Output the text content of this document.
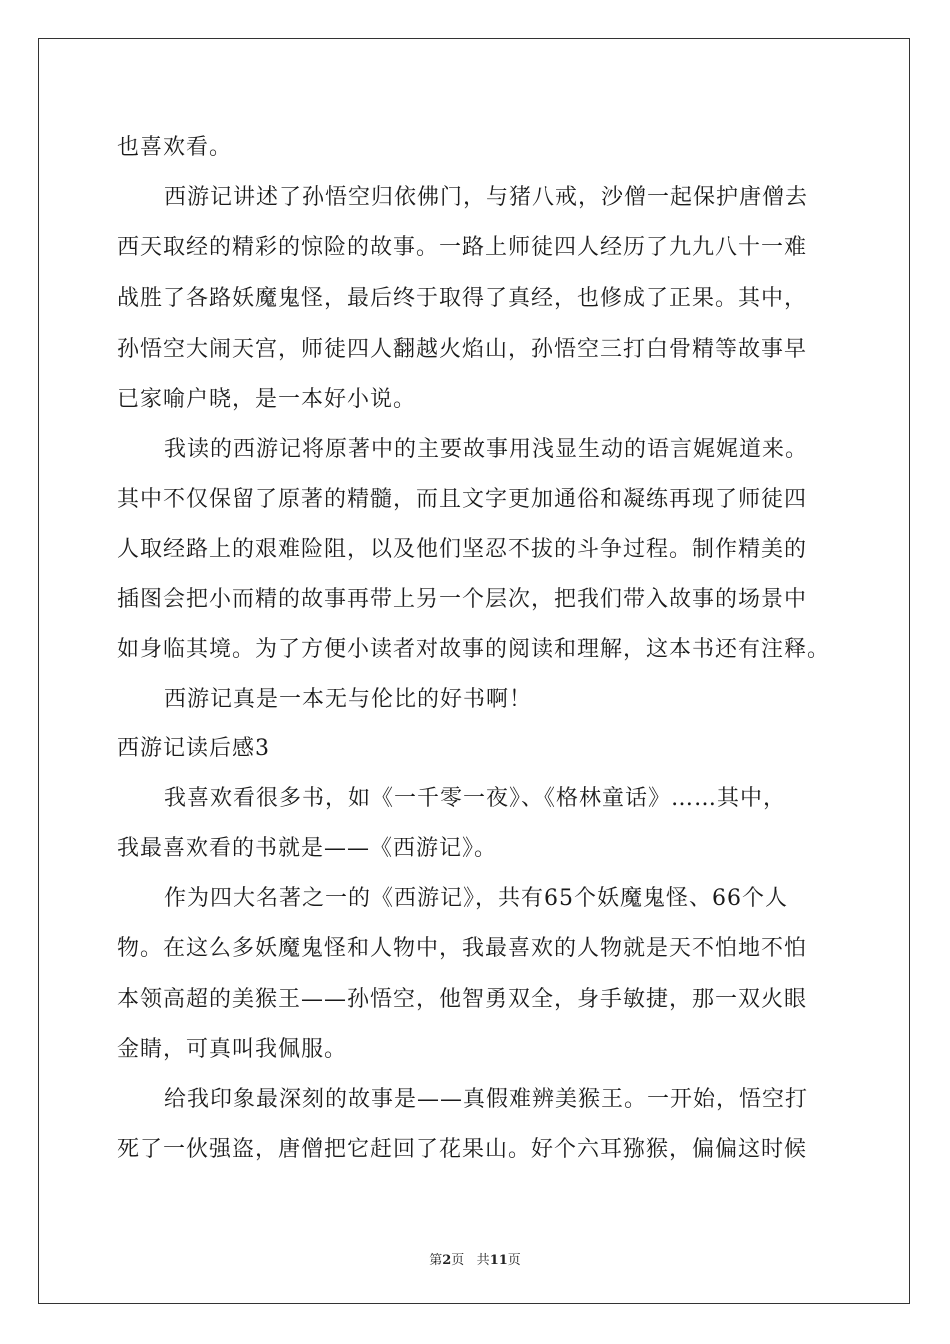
也喜欢看。
西游记讲述了孙悟空归依佛门，与猪八戒，沙僧一起保护唐僧去
西天取经的精彩的惊险的故事。一路上师徒四人经历了九九八十一难
战胜了各路妖魔鬼怪，最后终于取得了真经，也修成了正果。其中，
孙悟空大闹天宫，师徒四人翻越火焰山，孙悟空三打白骨精等故事早
已家喻户晓，是一本好小说。
我读的西游记将原著中的主要故事用浅显生动的语言娓娓道来。
其中不仅保留了原著的精髓，而且文字更加通俗和凝练再现了师徒四
人取经路上的艰难险阻，以及他们坚忍不拔的斗争过程。制作精美的
插图会把小而精的故事再带上另一个层次，把我们带入故事的场景中
如身临其境。为了方便小读者对故事的阅读和理解，这本书还有注释。
西游记真是一本无与伦比的好书啊！
西游记读后感3
我喜欢看很多书，如《一千零一夜》、《格林童话》……其中，
我最喜欢看的书就是——《西游记》。
作为四大名著之一的《西游记》，共有65个妖魔鬼怪、66个人
物。在这么多妖魔鬼怪和人物中，我最喜欢的人物就是天不怕地不怕
本领高超的美猴王——孙悟空，他智勇双全，身手敏捷，那一双火眼
金睛，可真叫我佩服。
给我印象最深刻的故事是——真假难辨美猴王。一开始，悟空打
死了一伙强盗，唐僧把它赶回了花果山。好个六耳猕猴，偏偏这时候
第2页 共11页
